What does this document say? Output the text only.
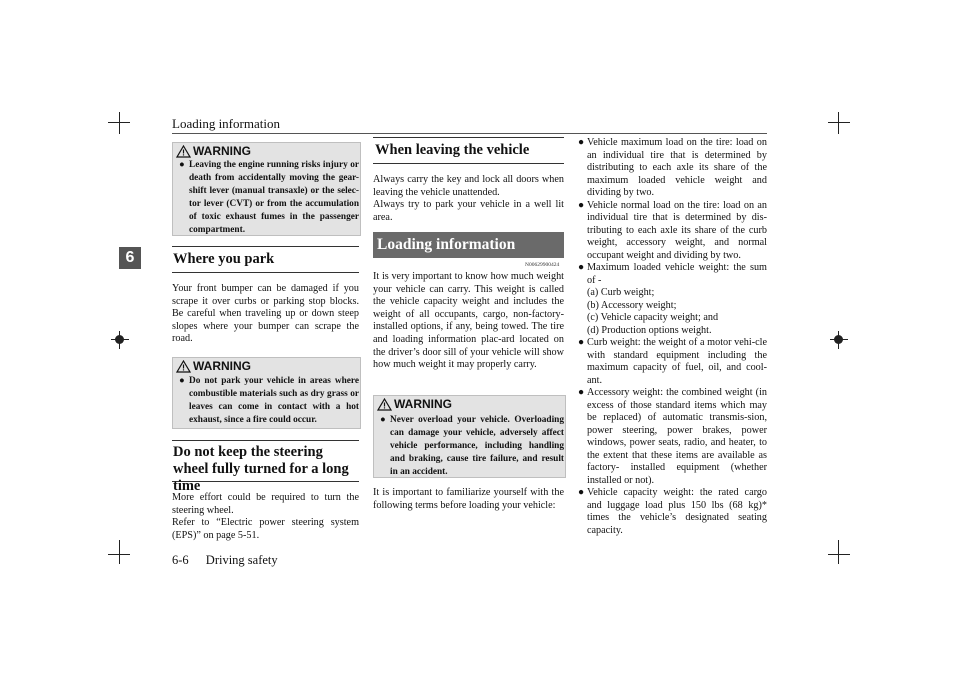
Loading information
6
WARNING
● Leaving the engine running risks injury or death from accidentally moving the gear-shift lever (manual transaxle) or the selec-tor lever (CVT) or from the accumulation of toxic exhaust fumes in the passenger compartment.
Where you park

Your front bumper can be damaged if you scrape it over curbs or parking stop blocks. Be careful when traveling up or down steep slopes where your bumper can scrape the road.

WARNING
● Do not park your vehicle in areas where combustible materials such as dry grass or leaves can come in contact with a hot exhaust, since a fire could occur.
Do not keep the steering wheel fully turned for a long time

More effort could be required to turn the steering wheel.

Refer to “Electric power steering system (EPS)” on page 5-51.

When leaving the vehicle

Always carry the key and lock all doors when leaving the vehicle unattended.

Always try to park your vehicle in a well lit area.

Loading information
N00629900424

It is very important to know how much weight your vehicle can carry. This weight is called the vehicle capacity weight and includes the weight of all occupants, cargo, non-factory-installed options, if any, being towed. The tire and loading information plac-ard located on the driver’s door sill of your vehicle will show how much weight it may properly carry.

WARNING
● Never overload your vehicle. Overloading can damage your vehicle, adversely affect vehicle performance, including handling and braking, cause tire failure, and result in an accident.

It is important to familiarize yourself with the following terms before loading your vehicle:

● Vehicle maximum load on the tire: load on an individual tire that is determined by distributing to each axle its share of the maximum loaded vehicle weight and dividing by two.
● Vehicle normal load on the tire: load on an individual tire that is determined by dis-tributing to each axle its share of the curb weight, accessory weight, and normal occupant weight and dividing by two.
● Maximum loaded vehicle weight: the sum of -
(a) Curb weight;
(b) Accessory weight;
(c) Vehicle capacity weight; and
(d) Production options weight.
● Curb weight: the weight of a motor vehi-cle with standard equipment including the maximum capacity of fuel, oil, and cool-ant.
● Accessory weight: the combined weight (in excess of those standard items which may be replaced) of automatic transmis-sion, power steering, power brakes, power windows, power seats, radio, and heater, to the extent that these items are available as factory- installed equipment (whether installed or not).
● Vehicle capacity weight: the rated cargo and luggage load plus 150 lbs (68 kg)* times the vehicle’s designated seating capacity.
6-6 Driving safety
